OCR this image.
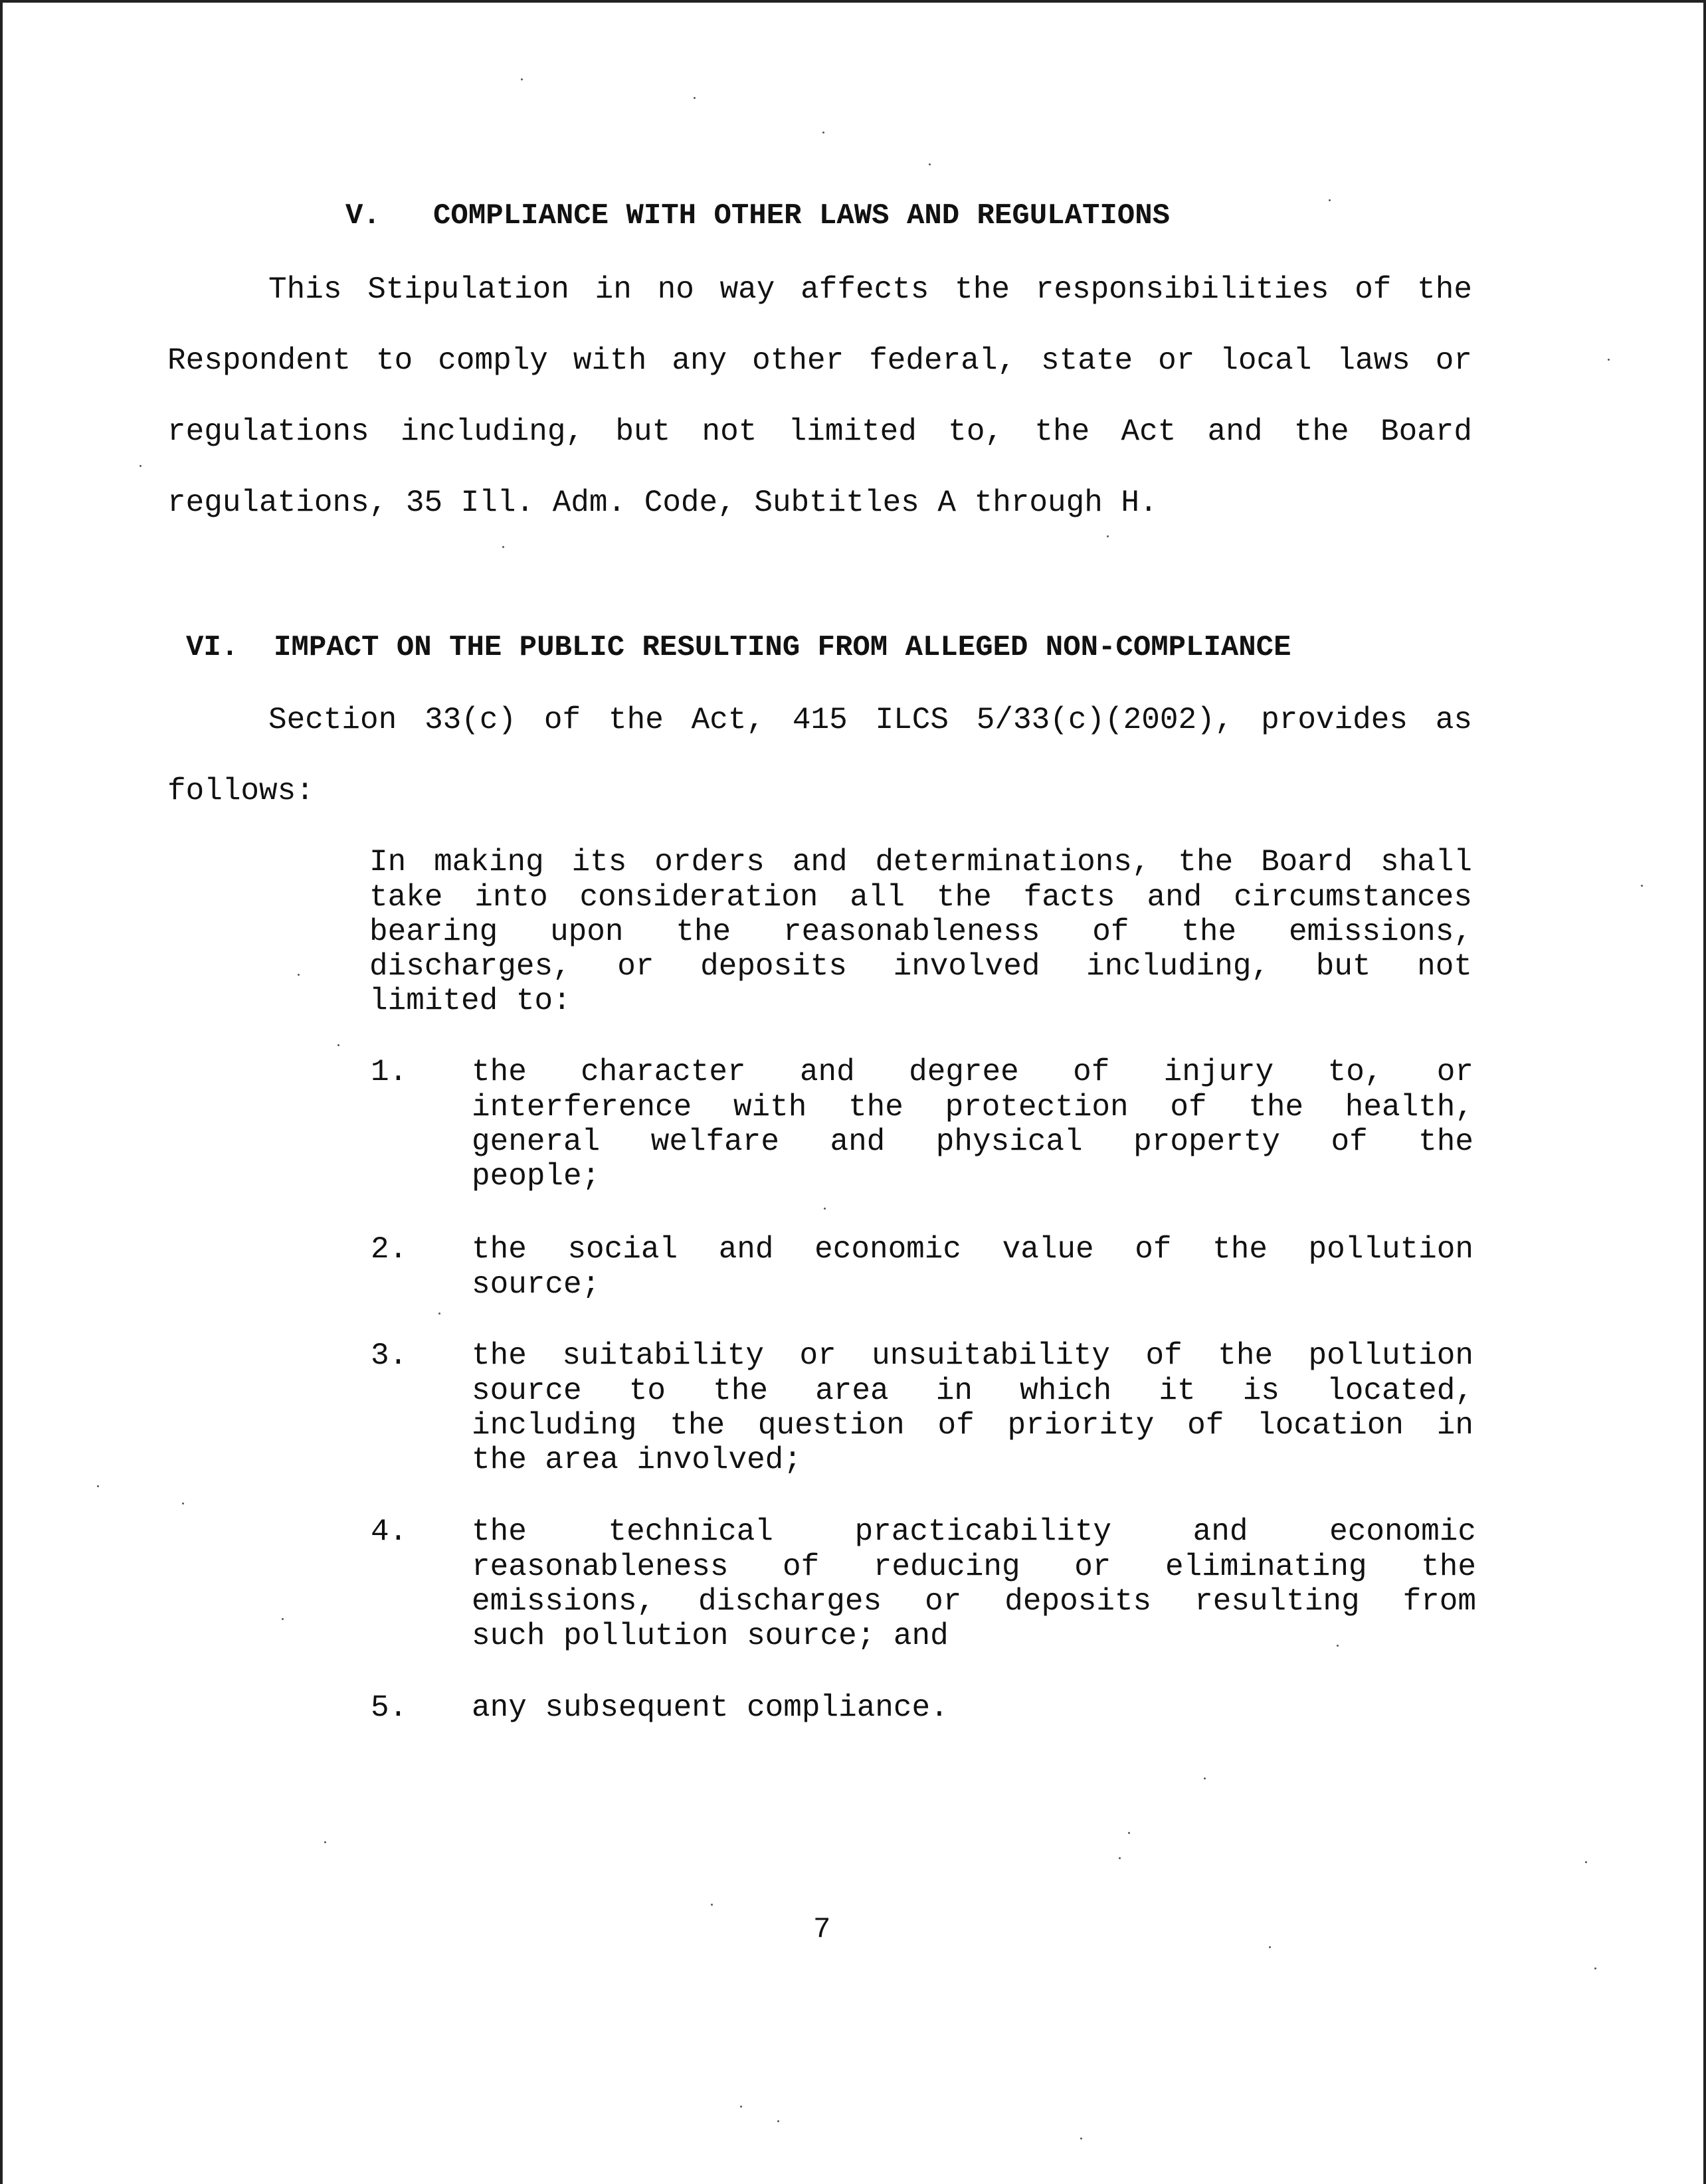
V.   COMPLIANCE WITH OTHER LAWS AND REGULATIONS
This Stipulation in no way affects the responsibilities of the
Respondent to comply with any other federal, state or local laws or
regulations including, but not limited to, the Act and the Board
regulations, 35 Ill. Adm. Code, Subtitles A through H.
VI.  IMPACT ON THE PUBLIC RESULTING FROM ALLEGED NON-COMPLIANCE
Section 33(c) of the Act, 415 ILCS 5/33(c)(2002), provides as
follows:
In making its orders and determinations, the Board shall
take into consideration all the facts and circumstances
bearing upon the reasonableness of the emissions,
discharges, or deposits involved including, but not
limited to:
1. the character and degree of injury to, or
interference with the protection of the health,
general welfare and physical property of the
people;
2. the social and economic value of the pollution
source;
3. the suitability or unsuitability of the pollution
source to the area in which it is located,
including the question of priority of location in
the area involved;
4. the technical practicability and economic
reasonableness of reducing or eliminating the
emissions, discharges or deposits resulting from
such pollution source; and
5. any subsequent compliance.
7
